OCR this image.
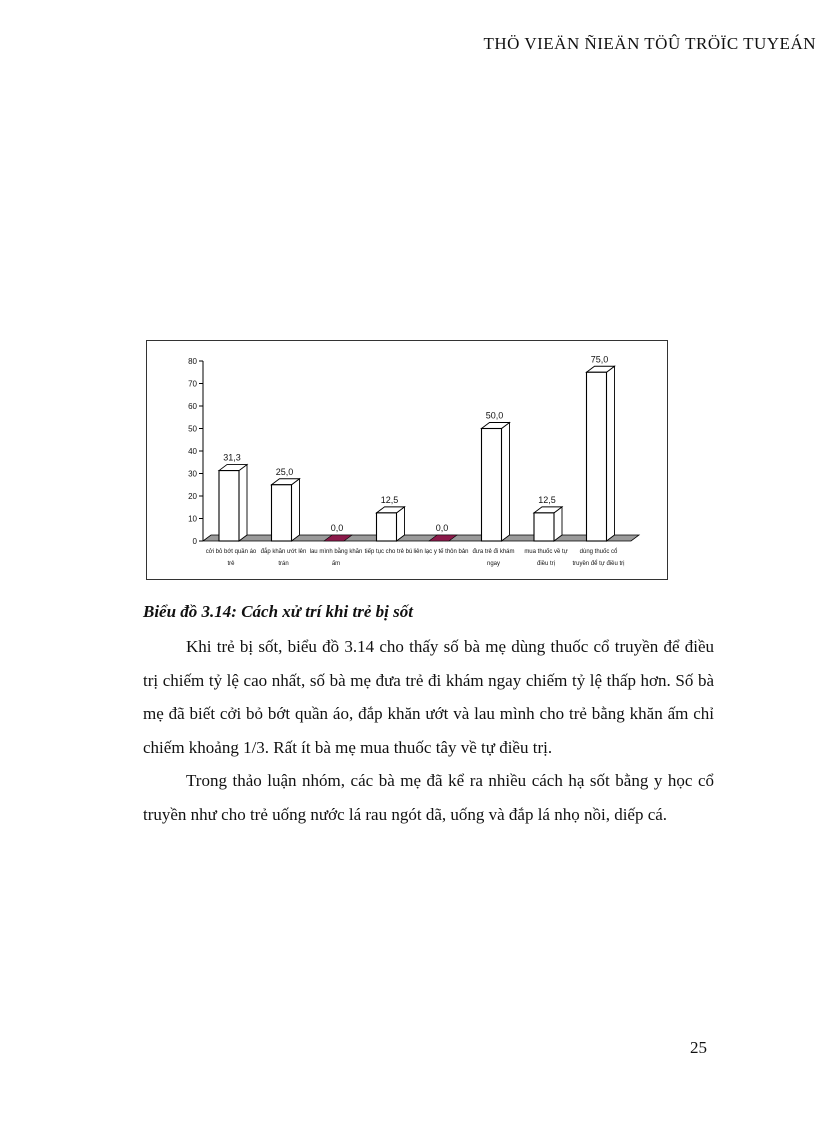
THÖ VIEÄN ÑIEÄN TÖÛ TRÖÏC TUYEÁN
0
10
20
30
40
50
60
70
80
31,3
cởi bỏ bớt quần áo
trẻ
25,0
đắp khăn ướt lên
trán
0,0
lau mình bằng khăn
ấm
12,5
tiếp tục cho trẻ bú
0,0
liên lạc y tế thôn bản
50,0
đưa trẻ đi khám
ngay
12,5
mua thuốc về tự
điều trị
75,0
dùng thuốc cổ
truyền để tự điều trị
Biểu đồ 3.14: Cách xử trí khi trẻ bị sốt

Khi trẻ bị sốt, biểu đồ 3.14 cho thấy số bà mẹ dùng thuốc cổ truyền để điều trị chiếm tỷ lệ cao nhất, số bà mẹ đưa trẻ đi khám ngay chiếm tỷ lệ thấp hơn. Số bà mẹ đã biết cởi bỏ bớt quần áo, đắp khăn ướt và lau mình cho trẻ bằng khăn ấm chỉ chiếm khoảng 1/3. Rất ít bà mẹ mua thuốc tây về tự điều trị.

Trong thảo luận nhóm, các bà mẹ đã kể ra nhiều cách hạ sốt bằng y học cổ truyền như cho trẻ uống nước lá rau ngót dã, uống và đắp lá nhọ nồi, diếp cá.

25
